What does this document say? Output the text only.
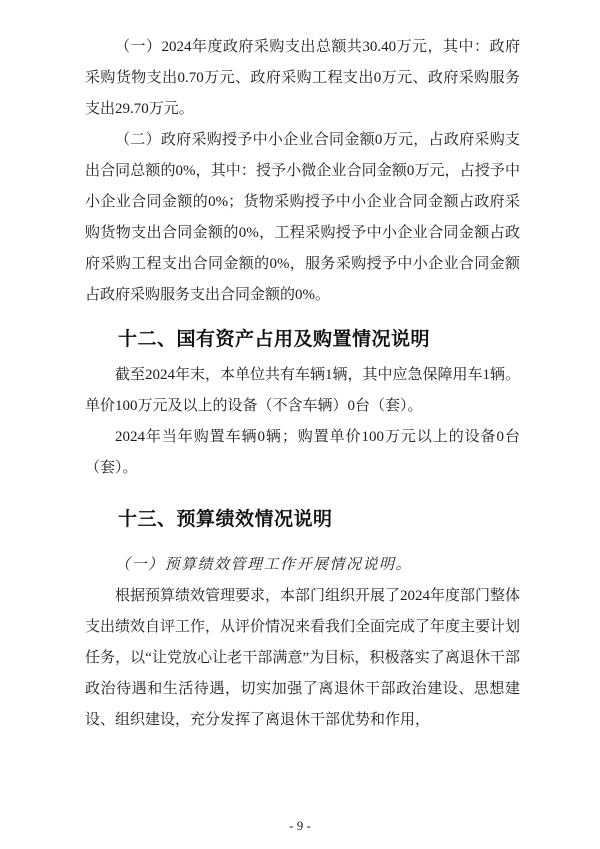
（一）2024年度政府采购支出总额共30.40万元，其中：政府采购货物支出0.70万元、政府采购工程支出0万元、政府采购服务支出29.70万元。

（二）政府采购授予中小企业合同金额0万元，占政府采购支出合同总额的0%，其中：授予小微企业合同金额0万元，占授予中小企业合同金额的0%；货物采购授予中小企业合同金额占政府采购货物支出合同金额的0%，工程采购授予中小企业合同金额占政府采购工程支出合同金额的0%，服务采购授予中小企业合同金额占政府采购服务支出合同金额的0%。

十二、国有资产占用及购置情况说明

截至2024年末，本单位共有车辆1辆，其中应急保障用车1辆。单价100万元及以上的设备（不含车辆）0台（套）。

2024年当年购置车辆0辆；购置单价100万元以上的设备0台（套）。

十三、预算绩效情况说明

（一）预算绩效管理工作开展情况说明。

根据预算绩效管理要求，本部门组织开展了2024年度部门整体支出绩效自评工作，从评价情况来看我们全面完成了年度主要计划任务，以“让党放心让老干部满意”为目标，积极落实了离退休干部政治待遇和生活待遇，切实加强了离退休干部政治建设、思想建设、组织建设，充分发挥了离退休干部优势和作用，

- 9 -
